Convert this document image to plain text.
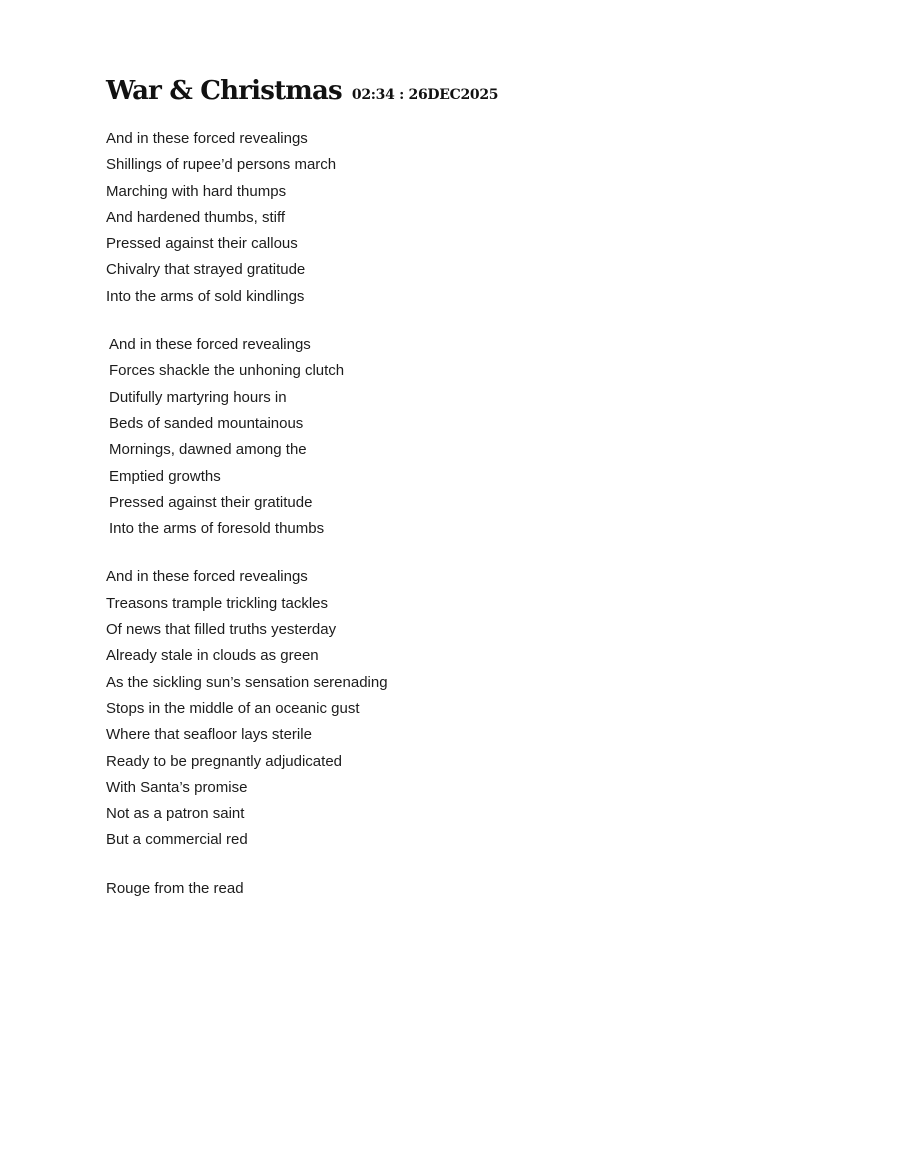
War & Christmas 02:34 : 26DEC2025

And in these forced revealings
Shillings of rupee’d persons march
Marching with hard thumps
And hardened thumbs, stiff
Pressed against their callous
Chivalry that strayed gratitude
Into the arms of sold kindlings

And in these forced revealings
Forces shackle the unhoning clutch
Dutifully martyring hours in
Beds of sanded mountainous
Mornings, dawned among the
Emptied growths
Pressed against their gratitude
Into the arms of foresold thumbs

And in these forced revealings
Treasons trample trickling tackles
Of news that filled truths yesterday
Already stale in clouds as green
As the sickling sun’s sensation serenading
Stops in the middle of an oceanic gust
Where that seafloor lays sterile
Ready to be pregnantly adjudicated
With Santa’s promise
Not as a patron saint
But a commercial red

Rouge from the read
